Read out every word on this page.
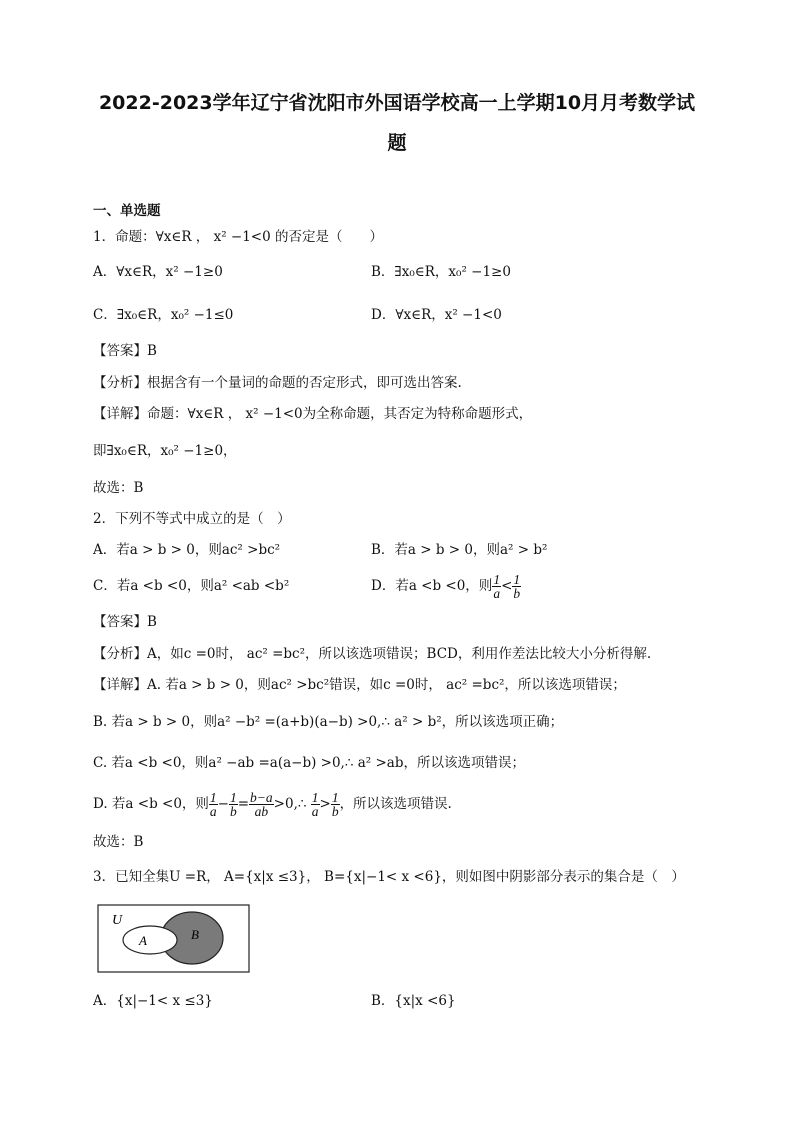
2022-2023学年辽宁省沈阳市外国语学校高一上学期10月月考数学试
题
一、单选题
1．命题：∀x∈R ， x² −1<0 的否定是（　　）
A．∀x∈R，x² −1≥0	B．∃x₀∈R，x₀² −1≥0
C．∃x₀∈R，x₀² −1≤0	D．∀x∈R，x² −1<0
【答案】B
【分析】根据含有一个量词的命题的否定形式，即可选出答案.
【详解】命题：∀x∈R ， x² −1<0为全称命题，其否定为特称命题形式，
即∃x₀∈R，x₀² −1≥0，
故选：B
2．下列不等式中成立的是（　）
A．若a > b > 0，则ac² >bc²	B．若a > b > 0，则a² > b²
C．若a <b <0，则a² <ab <b²	D．若a <b <0，则 $\frac{1}{a} < \frac{1}{b}$
【答案】B
【分析】A，如c =0时， ac² =bc²，所以该选项错误；BCD，利用作差法比较大小分析得解.
【详解】A. 若a > b > 0，则ac² >bc²错误，如c =0时， ac² =bc²，所以该选项错误；
B. 若a > b > 0，则a² −b² =(a+b)(a−b) >0,∴ a² > b²，所以该选项正确；
C. 若a <b <0，则a² −ab =a(a−b) >0,∴ a² >ab，所以该选项错误；
D. 若a <b <0，则 $\frac{1}{a} - \frac{1}{b} = \frac{b-a}{ab}$ >0,∴ $\frac{1}{a} > \frac{1}{b}$ ，所以该选项错误.
故选：B
3．已知全集U =R， A={x|x ≤3}， B={x|−1< x <6}，则如图中阴影部分表示的集合是（　）
U
A	B
A．{x|−1< x ≤3}	B．{x|x <6}
